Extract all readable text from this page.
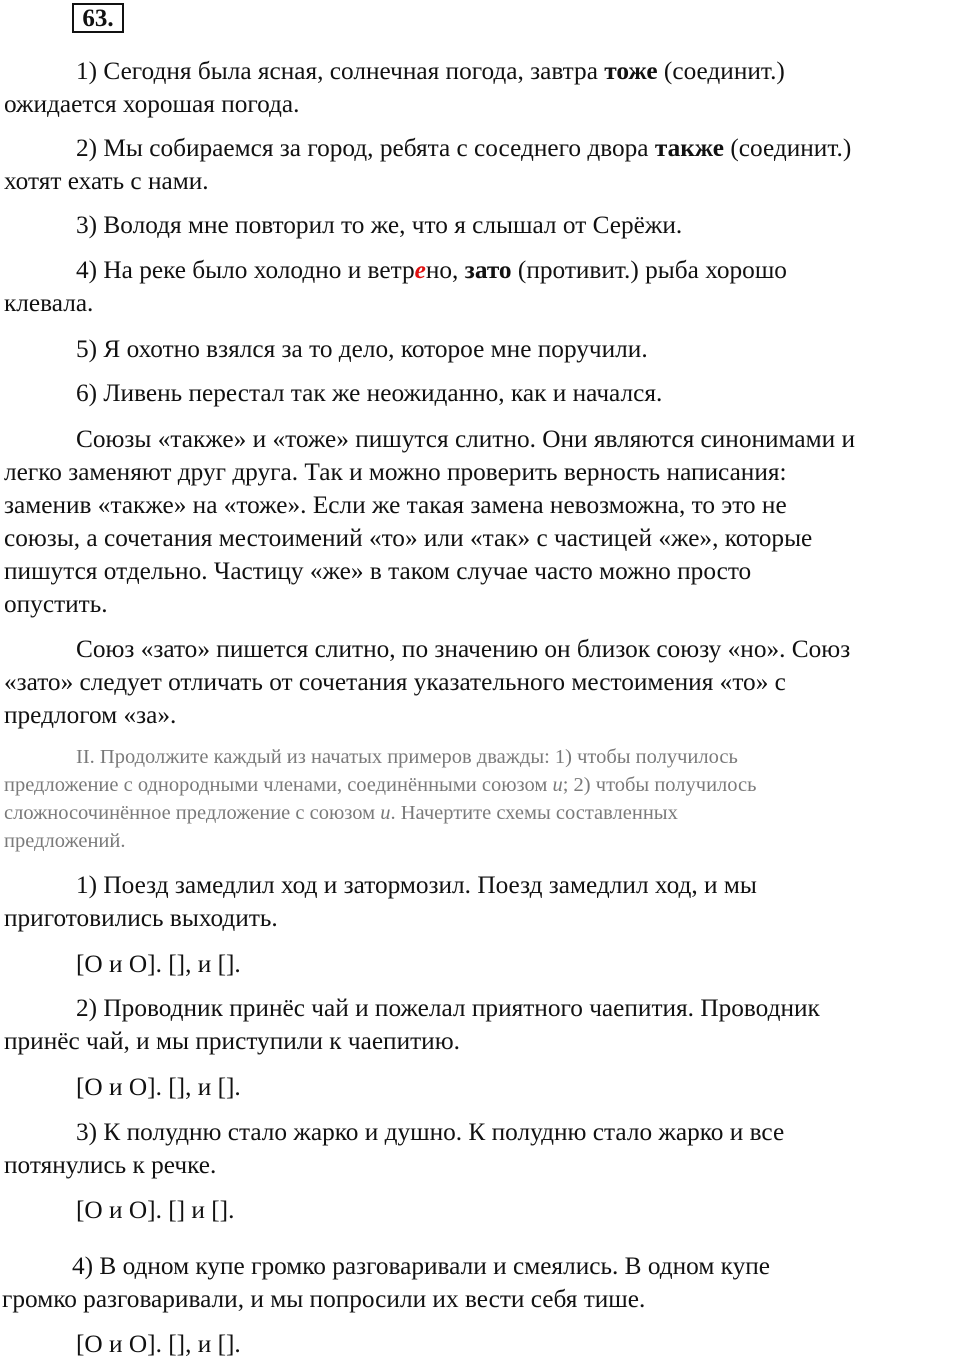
63.

1) Сегодня была ясная, солнечная погода, завтра тоже (соединит.)
ожидается хорошая погода.

2) Мы собираемся за город, ребята с соседнего двора также (соединит.)
хотят ехать с нами.

3) Володя мне повторил то же, что я слышал от Серёжи.

4) На реке было холодно и ветрено, зато (противит.) рыба хорошо
клевала.

5) Я охотно взялся за то дело, которое мне поручили.

6) Ливень перестал так же неожиданно, как и начался.

Союзы «также» и «тоже» пишутся слитно. Они являются синонимами и
легко заменяют друг друга. Так и можно проверить верность написания:
заменив «также» на «тоже». Если же такая замена невозможна, то это не
союзы, а сочетания местоимений «то» или «так» с частицей «же», которые
пишутся отдельно. Частицу «же» в таком случае часто можно просто
опустить.

Союз «зато» пишется слитно, по значению он близок союзу «но». Союз
«зато» следует отличать от сочетания указательного местоимения «то» с
предлогом «за».

II. Продолжите каждый из начатых примеров дважды: 1) чтобы получилось
предложение с однородными членами, соединёнными союзом и; 2) чтобы получилось
сложносочинённое предложение с союзом и. Начертите схемы составленных
предложений.

1) Поезд замедлил ход и затормозил. Поезд замедлил ход, и мы
приготовились выходить.

[О и О]. [], и [].

2) Проводник принёс чай и пожелал приятного чаепития. Проводник
принёс чай, и мы приступили к чаепитию.

[О и О]. [], и [].

3) К полудню стало жарко и душно. К полудню стало жарко и все
потянулись к речке.

[О и О]. [] и [].

4) В одном купе громко разговаривали и смеялись. В одном купе
громко разговаривали, и мы попросили их вести себя тише.

[О и О]. [], и [].
